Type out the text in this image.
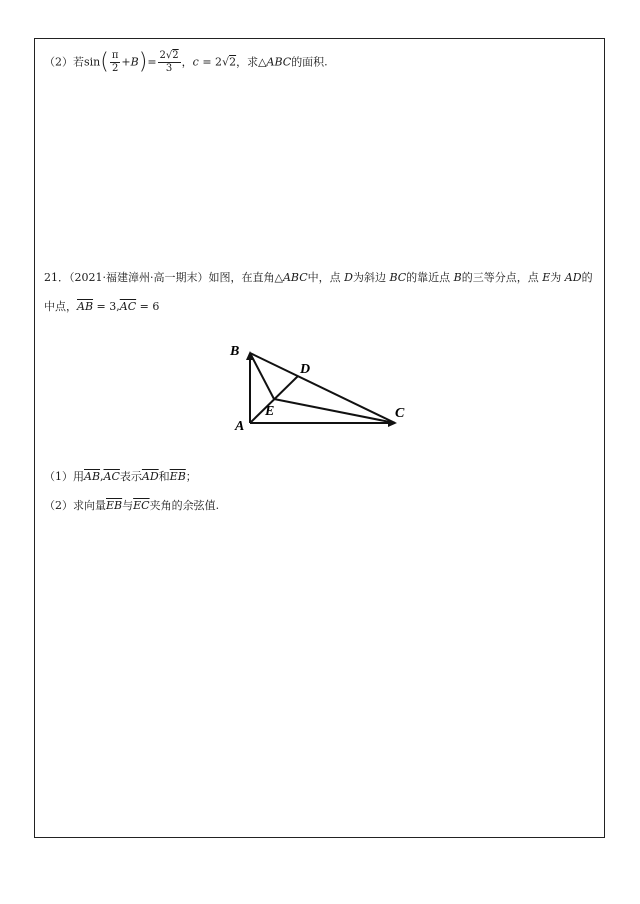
（2）若$\sin( \frac{\pi}{2} +B)= \frac{2√2}{3}$ ，c = 2√2，求△ABC的面积.
21．（2021·福建漳州·高一期末）如图，在直角△ABC中，点 D为斜边 BC的靠近点 B的三等分点，点 E为 AD的
中点，$\overline{AB} = 3,\overline{AC} = 6$
B
D
E	C
A
（1）用$\overline{AB},\overline{AC}$表示$\overline{AD}$和$\overline{EB}$；
（2）求向量$\overline{EB}$与$\overline{EC}$夹角的余弦值.
